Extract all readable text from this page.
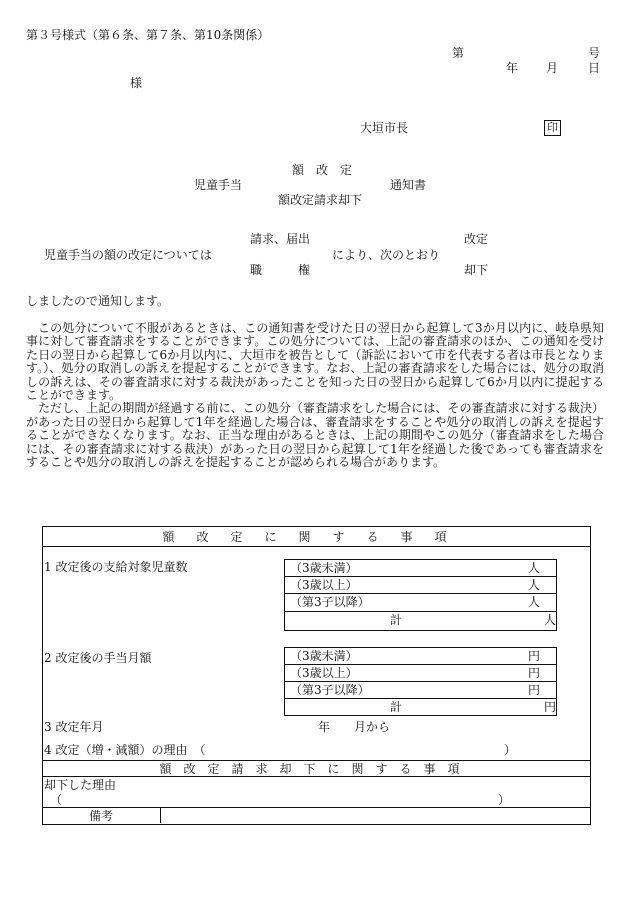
第３号様式（第６条、第７条、第10条関係）
第	号
年 月 日
様
大垣市長	印
額　改　定
児童手当	通知書
額改定請求却下
請求、届出	改定
児童手当の額の改定については	により、次のとおり
職　　　権	却下
しましたので通知します。

この処分について不服があるときは、この通知書を受けた日の翌日から起算して3か月以内に、岐阜県知事に対して審査請求をすることができます。この処分については、上記の審査請求のほか、この通知を受けた日の翌日から起算して6か月以内に、大垣市を被告として（訴訟において市を代表する者は市長となります。）、処分の取消しの訴えを提起することができます。なお、上記の審査請求をした場合には、処分の取消しの訴えは、その審査請求に対する裁決があったことを知った日の翌日から起算して6か月以内に提起することができます。

ただし、上記の期間が経過する前に、この処分（審査請求をした場合には、その審査請求に対する裁決）があった日の翌日から起算して1年を経過した場合は、審査請求をすることや処分の取消しの訴えを提起することができなくなります。なお、正当な理由があるときは、上記の期間やこの処分（審査請求をした場合には、その審査請求に対する裁決）があった日の翌日から起算して1年を経過した後であっても審査請求をすることや処分の取消しの訴えを提起することが認められる場合があります。

額改定に関する事項
1 改定後の支給対象児童数	（3歳未満）	人
（3歳以上）	人
（第3子以降）	人
計	人
2 改定後の手当月額	（3歳未満）	円
（3歳以上）	円
（第3子以降）	円
計	円
3 改定年月	年　　月から
4 改定（増・減額）の理由　（	）
額改定請求却下に関する事項
却下した理由
（	）
備考
